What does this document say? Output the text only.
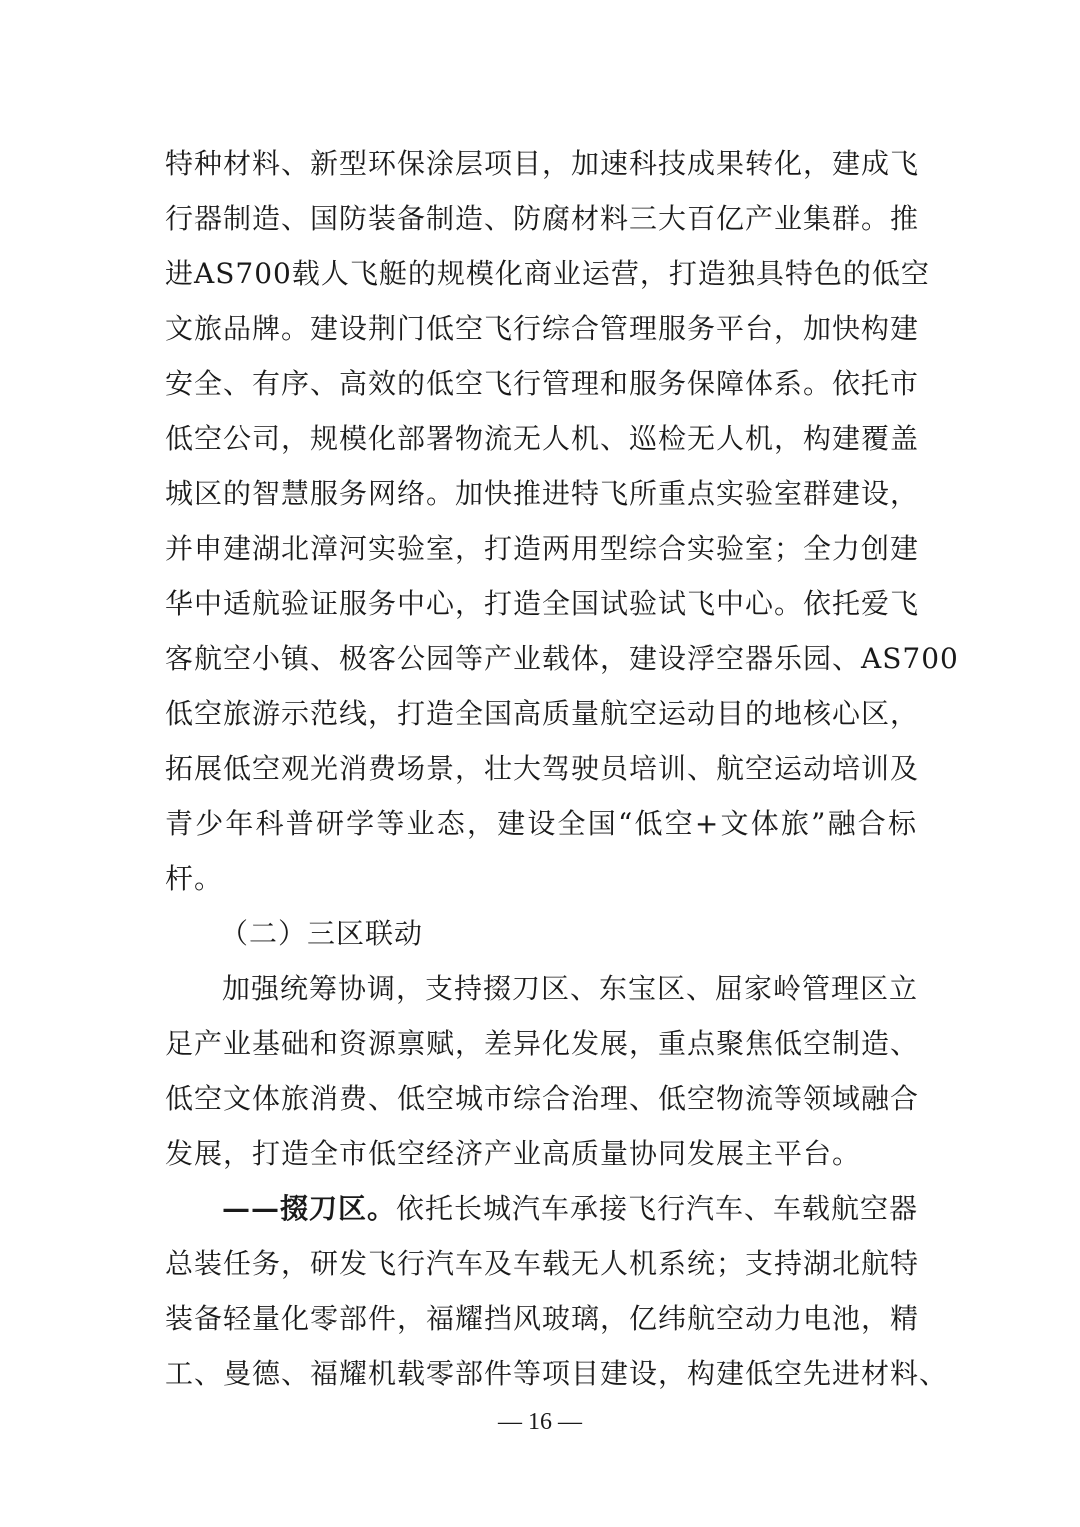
特种材料、新型环保涂层项目，加速科技成果转化，建成飞
行器制造、国防装备制造、防腐材料三大百亿产业集群。推
进AS700载人飞艇的规模化商业运营，打造独具特色的低空
文旅品牌。建设荆门低空飞行综合管理服务平台，加快构建
安全、有序、高效的低空飞行管理和服务保障体系。依托市
低空公司，规模化部署物流无人机、巡检无人机，构建覆盖
城区的智慧服务网络。加快推进特飞所重点实验室群建设，
并申建湖北漳河实验室，打造两用型综合实验室；全力创建
华中适航验证服务中心，打造全国试验试飞中心。依托爱飞
客航空小镇、极客公园等产业载体，建设浮空器乐园、AS700
低空旅游示范线，打造全国高质量航空运动目的地核心区，
拓展低空观光消费场景，壮大驾驶员培训、航空运动培训及
青少年科普研学等业态，建设全国“低空+文体旅”融合标
杆。
（二）三区联动
加强统筹协调，支持掇刀区、东宝区、屈家岭管理区立
足产业基础和资源禀赋，差异化发展，重点聚焦低空制造、
低空文体旅消费、低空城市综合治理、低空物流等领域融合
发展，打造全市低空经济产业高质量协同发展主平台。
——掇刀区。依托长城汽车承接飞行汽车、车载航空器
总装任务，研发飞行汽车及车载无人机系统；支持湖北航特
装备轻量化零部件，福耀挡风玻璃，亿纬航空动力电池，精
工、曼德、福耀机载零部件等项目建设，构建低空先进材料、
— 16 —
